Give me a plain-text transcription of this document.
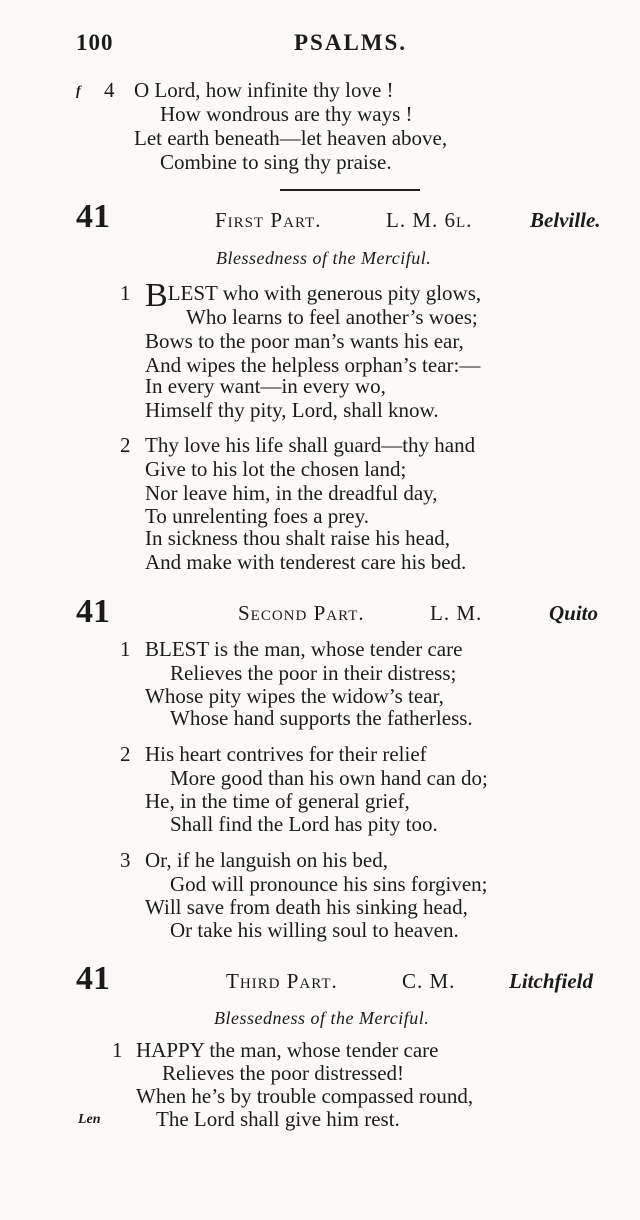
100	PSALMS.
f 4 O Lord, how infinite thy love !
How wondrous are thy ways !
Let earth beneath—let heaven above,
Combine to sing thy praise.
41	First Part.	L. M. 6l.	Belville.
Blessedness of the Merciful.
1 BLEST who with generous pity glows,
Who learns to feel another’s woes;
Bows to the poor man’s wants his ear,
And wipes the helpless orphan’s tear:—
In every want—in every wo,
Himself thy pity, Lord, shall know.
2 Thy love his life shall guard—thy hand
Give to his lot the chosen land;
Nor leave him, in the dreadful day,
To unrelenting foes a prey.
In sickness thou shalt raise his head,
And make with tenderest care his bed.
41	Second Part.	L. M.	Quito
1 BLEST is the man, whose tender care
Relieves the poor in their distress;
Whose pity wipes the widow’s tear,
Whose hand supports the fatherless.
2 His heart contrives for their relief
More good than his own hand can do;
He, in the time of general grief,
Shall find the Lord has pity too.
3 Or, if he languish on his bed,
God will pronounce his sins forgiven;
Will save from death his sinking head,
Or take his willing soul to heaven.
41	Third Part.	C. M.	Litchfield
Blessedness of the Merciful.
1 HAPPY the man, whose tender care
Relieves the poor distressed!
When he’s by trouble compassed round,
Len	The Lord shall give him rest.
